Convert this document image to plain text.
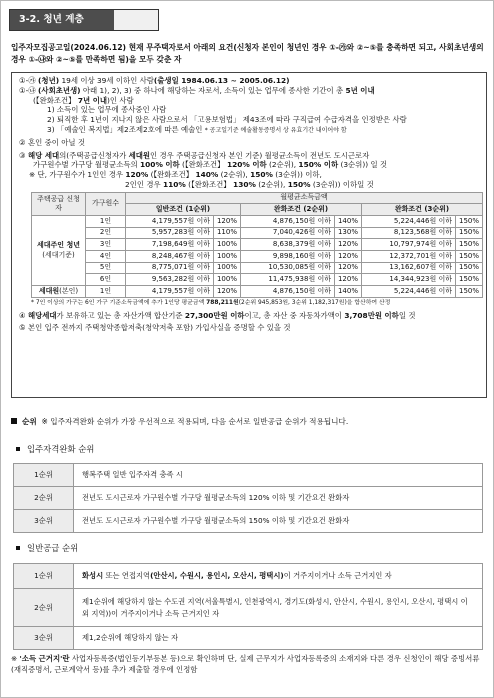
3-2. 청년 계층
입주자모집공고일(2024.06.12) 현재 무주택자로서 아래의 요건(신청자 본인이 청년인 경우 ①-㉮와 ②~⑤를 충족하면 되고, 사회초년생의 경우 ①-㉯와 ②~⑤를 만족하면 됨)을 모두 갖춘 자
①-㉮ (청년) 19세 이상 39세 이하인 사람(출생일 1984.06.13 ~ 2005.06.12)
①-㉯ (사회초년생) 아래 1), 2), 3) 중 하나에 해당하는 자로서, 소득이 있는 업무에 종사한 기간이 총 5년 이내
(【완화조건】 7년 이내)인 사람
1) 소득이 있는 업무에 종사중인 사람
2) 퇴직한 후 1년이 지나지 않은 사람으로서 「고용보험법」 제43조에 따라 구직급여 수급자격을 인정받은 사람
3) 「예술인 복지법」제2조제2호에 따른 예술인 * 공고일기준 예술활동증명서 상 유효기간 내이어야 함
② 혼인 중이 아닐 것
③ 해당 세대의(주택공급신청자가 세대원인 경우 주택공급신청자 본인 기준) 월평균소득이 전년도 도시근로자
가구원수별 가구당 월평균소득의 100% 이하 (【완화조건】 120% 이하 (2순위), 150% 이하 (3순위)) 일 것
※ 단, 가구원수가 1인인 경우 120% (【완화조건】 140% (2순위), 150% (3순위)) 이하,
2인인 경우 110% (【완화조건】 130% (2순위), 150% (3순위)) 이하일 것
주택공급 신청자	가구원수	월평균소득금액					
		일반조건 (1순위)		완화조건 (2순위)		완화조건 (3순위)	
세대주인 청년
(세대기준)	1인	4,179,557원 이하	120%	4,876,150원 이하	140%	5,224,446원 이하	150%
	2인	5,957,283원 이하	110%	7,040,426원 이하	130%	8,123,568원 이하	150%
	3인	7,198,649원 이하	100%	8,638,379원 이하	120%	10,797,974원 이하	150%
	4인	8,248,467원 이하	100%	9,898,160원 이하	120%	12,372,701원 이하	150%
	5인	8,775,071원 이하	100%	10,530,085원 이하	120%	13,162,607원 이하	150%
	6인	9,563,282원 이하	100%	11,475,938원 이하	120%	14,344,923원 이하	150%
세대원(본인)	1인	4,179,557원 이하	120%	4,876,150원 이하	140%	5,224,446원 이하	150%
* 7인 이상의 가구는 6인 가구 기준소득금액에 추가 1인당 평균금액 788,211원(2순위 945,853원, 3순위 1,182,317원)을 합산하여 산정
④ 해당세대가 보유하고 있는 총 자산가액 합산기준 27,300만원 이하이고, 총 자산 중 자동차가액이 3,708만원 이하일 것
⑤ 본인 입주 전까지 주택청약종합저축(청약저축 포함) 가입사실을 증명할 수 있을 것
순위 ※ 입주자격완화 순위가 가장 우선적으로 적용되며, 다음 순서로 일반공급 순위가 적용됩니다.
입주자격완화 순위
1순위	행복주택 일반 입주자격 충족 시
2순위	전년도 도시근로자 가구원수별 가구당 월평균소득의 120% 이하 및 기간요건 완화자
3순위	전년도 도시근로자 가구원수별 가구당 월평균소득의 150% 이하 및 기간요건 완화자
일반공급 순위
1순위	화성시 또는 연접지역(안산시, 수원시, 용인시, 오산시, 평택시)이 거주지이거나 소득 근거지인 자
2순위	제1순위에 해당하지 않는 수도권 지역(서울특별시, 인천광역시, 경기도(화성시, 안산시, 수원시, 용인시, 오산시, 평택시 이외 지역))이 거주지이거나 소득 근거지인 자
3순위	제1,2순위에 해당하지 않는 자
※ '소득 근거지'란 사업자등록증(법인등기부등본 등)으로 확인하며 단, 실제 근무지가 사업자등록증의 소재지와 다른 경우 신청인이 해당 증빙서류(재직증명서, 근로계약서 등)를 추가 제출할 경우에 인정함
